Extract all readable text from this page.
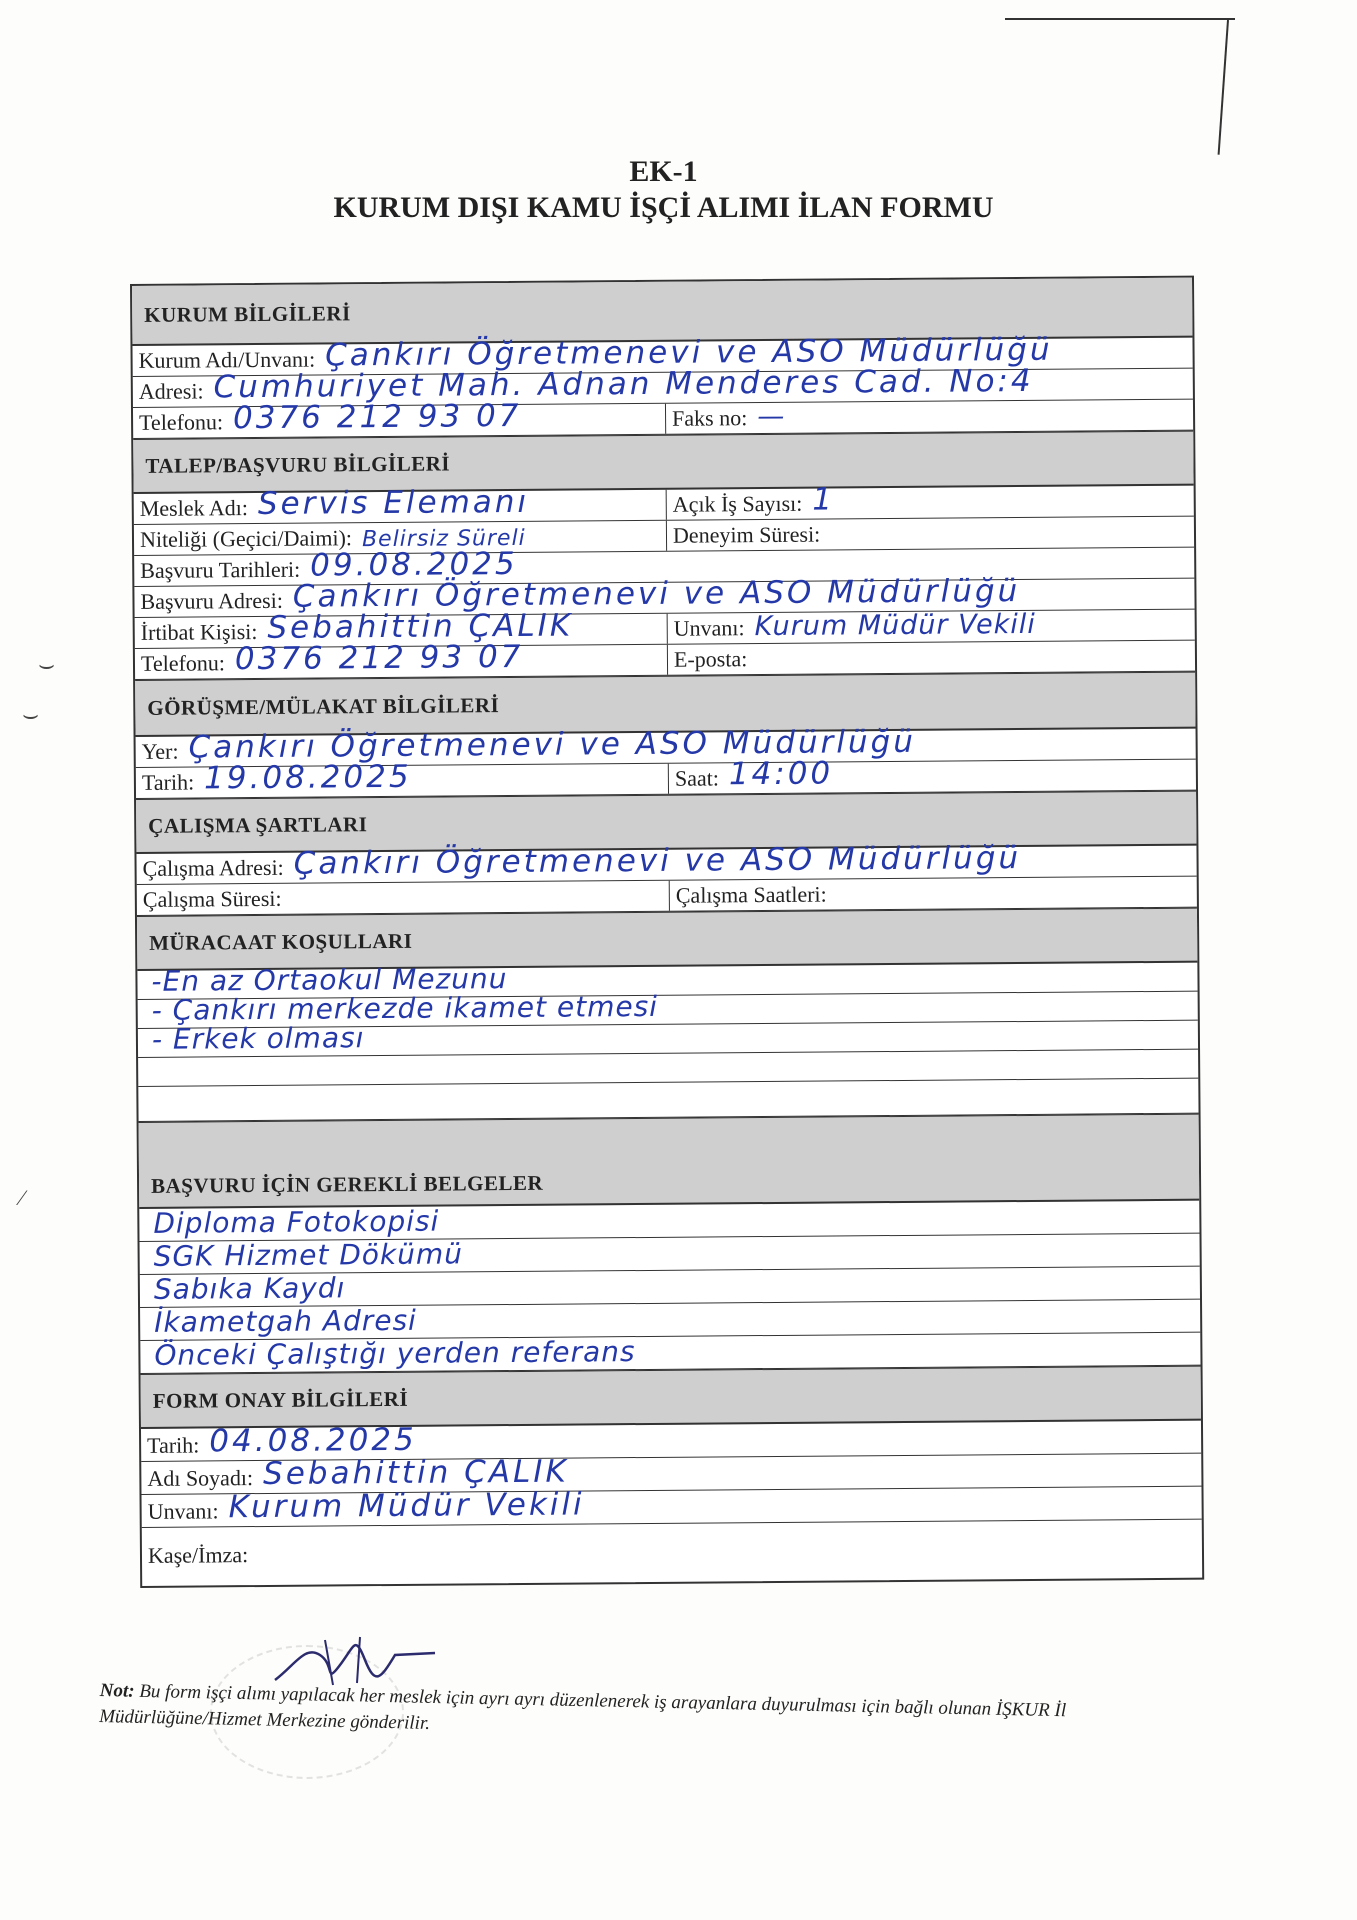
⌣
⌣
⁄
EK-1
KURUM DIŞI KAMU İŞÇİ ALIMI İLAN FORMU
KURUM BİLGİLERİ
Kurum Adı/Unvanı: Çankırı Öğretmenevi ve ASO Müdürlüğü
Adresi: Cumhuriyet Mah. Adnan Menderes Cad. No:4
Telefonu: 0376 212 93 07	Faks no: —
TALEP/BAŞVURU BİLGİLERİ
Meslek Adı: Servis Elemanı	Açık İş Sayısı: 1
Niteliği (Geçici/Daimi): Belirsiz Süreli	Deneyim Süresi:
Başvuru Tarihleri: 09.08.2025
Başvuru Adresi: Çankırı Öğretmenevi ve ASO Müdürlüğü
İrtibat Kişisi: Sebahittin ÇALIK	Unvanı: Kurum Müdür Vekili
Telefonu: 0376 212 93 07	E-posta:
GÖRÜŞME/MÜLAKAT BİLGİLERİ
Yer: Çankırı Öğretmenevi ve ASO Müdürlüğü
Tarih: 19.08.2025	Saat: 14:00
ÇALIŞMA ŞARTLARI
Çalışma Adresi: Çankırı Öğretmenevi ve ASO Müdürlüğü
Çalışma Süresi:	Çalışma Saatleri:
MÜRACAAT KOŞULLARI
-En az Ortaokul Mezunu
- Çankırı merkezde ikamet etmesi
- Erkek olması
BAŞVURU İÇİN GEREKLİ BELGELER
Diploma Fotokopisi
SGK Hizmet Dökümü
Sabıka Kaydı
İkametgah Adresi
Önceki Çalıştığı yerden referans
FORM ONAY BİLGİLERİ
Tarih: 04.08.2025
Adı Soyadı: Sebahittin ÇALIK
Unvanı: Kurum Müdür Vekili
Kaşe/İmza:
Not: Bu form işçi alımı yapılacak her meslek için ayrı ayrı düzenlenerek iş arayanlara duyurulması için bağlı olunan İŞKUR İl Müdürlüğüne/Hizmet Merkezine gönderilir.
